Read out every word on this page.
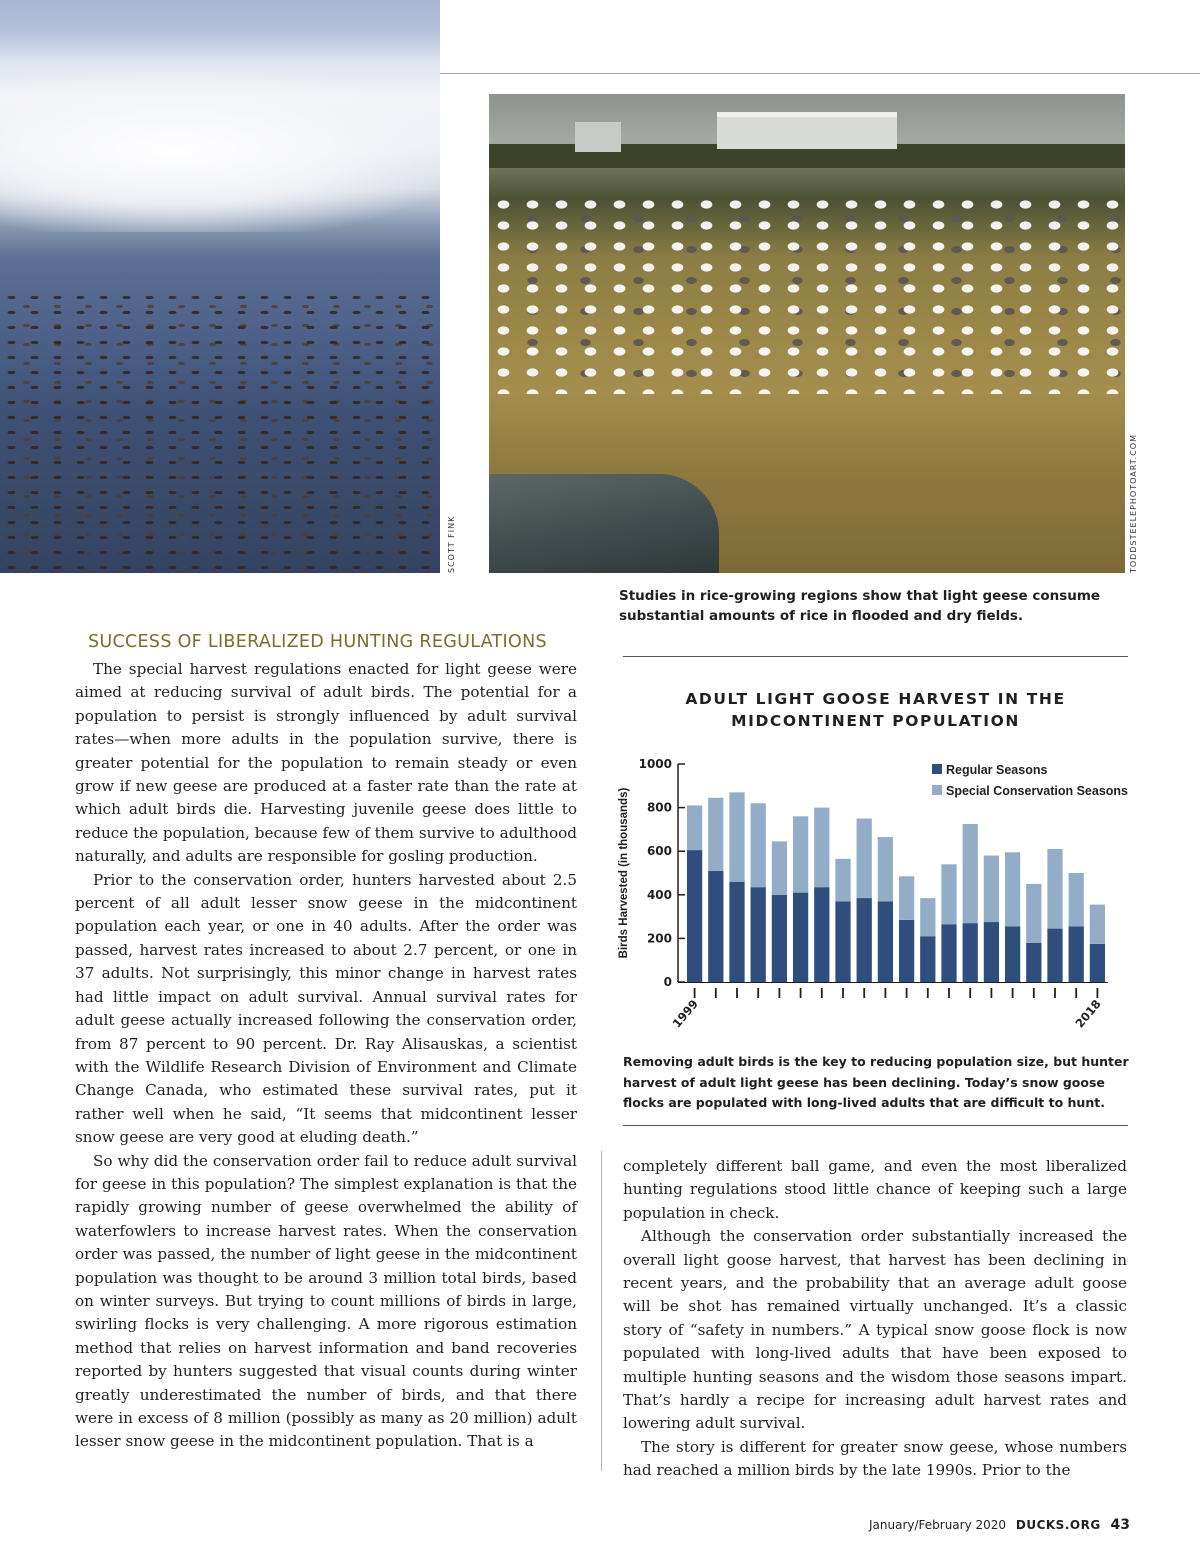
SCOTT FINK	TODDSTEELEPHOTOART.COM
Studies in rice-growing regions show that light geese consume substantial amounts of rice in flooded and dry fields.
SUCCESS OF LIBERALIZED HUNTING REGULATIONS

The special harvest regulations enacted for light geese were aimed at reducing survival of adult birds. The potential for a population to persist is strongly influenced by adult survival rates—when more adults in the population survive, there is greater potential for the population to remain steady or even grow if new geese are produced at a faster rate than the rate at which adult birds die. Harvesting juvenile geese does little to reduce the population, because few of them survive to adulthood naturally, and adults are responsible for gosling production.

Prior to the conservation order, hunters harvested about 2.5 percent of all adult lesser snow geese in the midcontinent population each year, or one in 40 adults. After the order was passed, harvest rates increased to about 2.7 percent, or one in 37 adults. Not surprisingly, this minor change in harvest rates had little impact on adult survival. Annual survival rates for adult geese actually increased following the conservation order, from 87 percent to 90 percent. Dr. Ray Alisauskas, a scientist with the Wildlife Research Division of Environment and Climate Change Canada, who estimated these survival rates, put it rather well when he said, “It seems that midcontinent lesser snow geese are very good at eluding death.”

So why did the conservation order fail to reduce adult survival for geese in this population? The simplest explanation is that the rapidly growing number of geese overwhelmed the ability of waterfowlers to increase harvest rates. When the conservation order was passed, the number of light geese in the midcontinent population was thought to be around 3 million total birds, based on winter surveys. But trying to count millions of birds in large, swirling flocks is very challenging. A more rigorous estimation method that relies on harvest information and band recoveries reported by hunters suggested that visual counts during winter greatly underestimated the number of birds, and that there were in excess of 8 million (possibly as many as 20 million) adult lesser snow geese in the midcontinent population. That is a

ADULT LIGHT GOOSE HARVEST IN THE
MIDCONTINENT POPULATION
Birds Harvested (in thousands)
0
200
400
600
800
1000
1999	2018
Regular Seasons
Special Conservation Seasons
Removing adult birds is the key to reducing population size, but hunter harvest of adult light geese has been declining. Today’s snow goose flocks are populated with long-lived adults that are difficult to hunt.

completely different ball game, and even the most liberalized hunting regulations stood little chance of keeping such a large population in check.

Although the conservation order substantially increased the overall light goose harvest, that harvest has been declining in recent years, and the probability that an average adult goose will be shot has remained virtually unchanged. It’s a classic story of “safety in numbers.” A typical snow goose flock is now populated with long-lived adults that have been exposed to multiple hunting seasons and the wisdom those seasons impart. That’s hardly a recipe for increasing adult harvest rates and lowering adult survival.

The story is different for greater snow geese, whose numbers had reached a million birds by the late 1990s. Prior to the

January/February 2020 DUCKS.ORG 43
